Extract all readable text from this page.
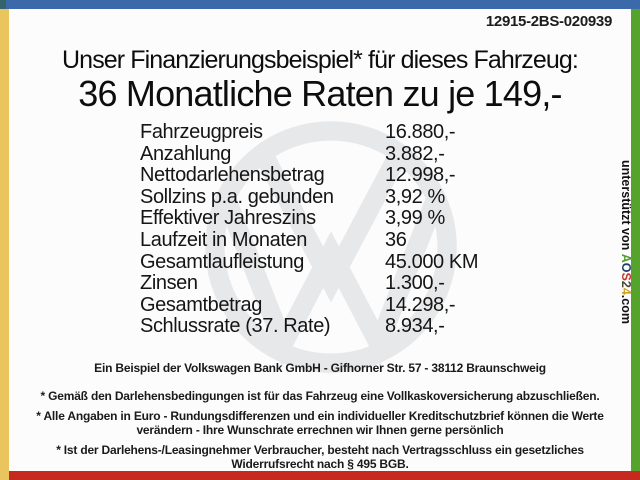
12915-2BS-020939
Unser Finanzierungsbeispiel* für dieses Fahrzeug:
36 Monatliche Raten zu je 149,-
Fahrzeugpreis	16.880,-
Anzahlung	3.882,-
Nettodarlehensbetrag	12.998,-
Sollzins p.a. gebunden	3,92 %
Effektiver Jahreszins	3,99 %
Laufzeit in Monaten	36
Gesamtlaufleistung	45.000 KM
Zinsen	1.300,-
Gesamtbetrag	14.298,-
Schlussrate (37. Rate)	8.934,-

Ein Beispiel der Volkswagen Bank GmbH - Gifhorner Str. 57 - 38112 Braunschweig

* Gemäß den Darlehensbedingungen ist für das Fahrzeug eine Vollkaskoversicherung abzuschließen.

* Alle Angaben in Euro - Rundungsdifferenzen und ein individueller Kreditschutzbrief können die Werte verändern - Ihre Wunschrate errechnen wir Ihnen gerne persönlich

* Ist der Darlehens-/Leasingnehmer Verbraucher, besteht nach Vertragsschluss ein gesetzliches Widerrufsrecht nach § 495 BGB.

unterstützt von AOS24.com
